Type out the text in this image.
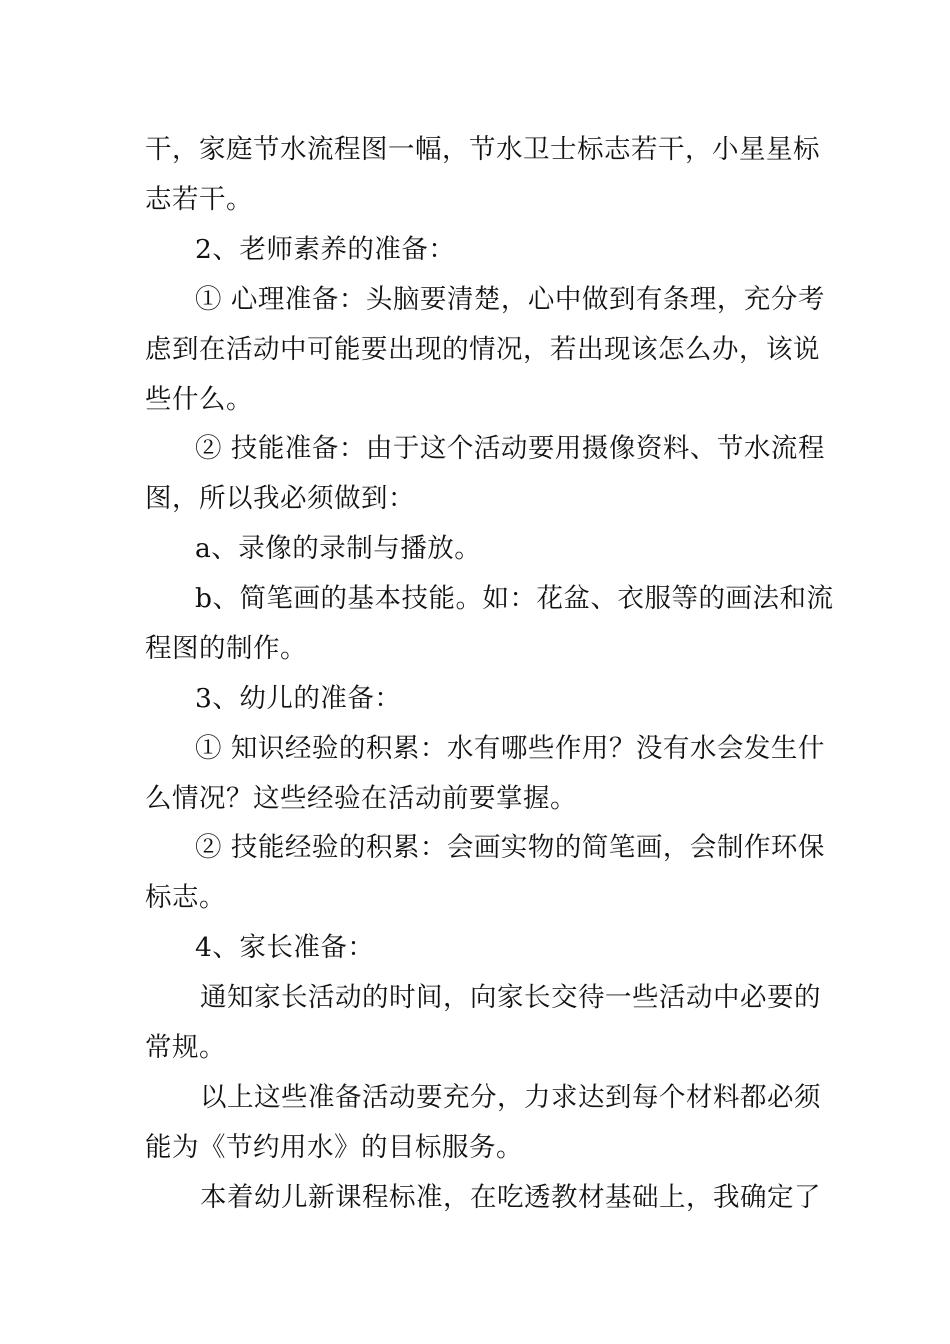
干，家庭节水流程图一幅，节水卫士标志若干，小星星标
志若干。
2、老师素养的准备：
① 心理准备：头脑要清楚，心中做到有条理，充分考
虑到在活动中可能要出现的情况，若出现该怎么办，该说
些什么。
② 技能准备：由于这个活动要用摄像资料、节水流程
图，所以我必须做到：
a、录像的录制与播放。
b、简笔画的基本技能。如：花盆、衣服等的画法和流
程图的制作。
3、幼儿的准备：
① 知识经验的积累：水有哪些作用？没有水会发生什
么情况？这些经验在活动前要掌握。
② 技能经验的积累：会画实物的简笔画，会制作环保
标志。
4、家长准备：
通知家长活动的时间，向家长交待一些活动中必要的
常规。
以上这些准备活动要充分，力求达到每个材料都必须
能为《节约用水》的目标服务。
本着幼儿新课程标准，在吃透教材基础上，我确定了
